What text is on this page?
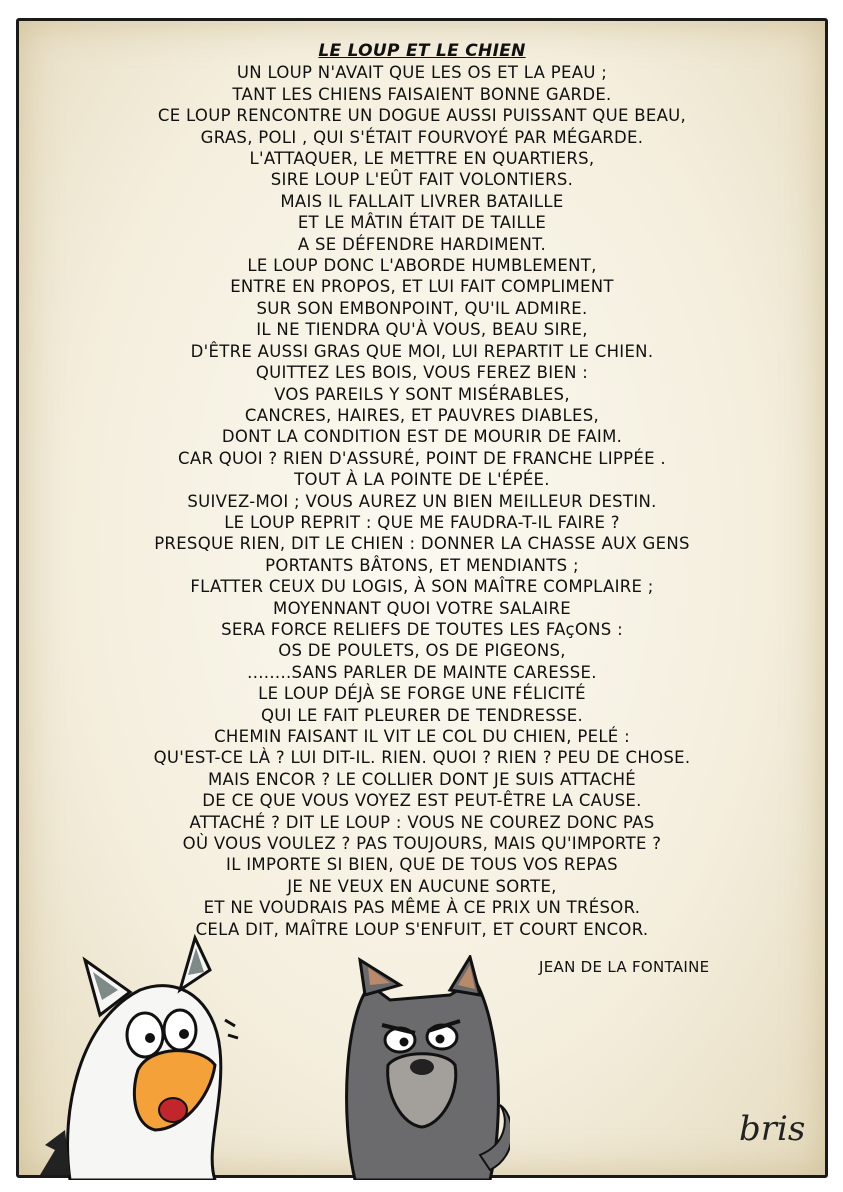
LE LOUP ET LE CHIEN
UN LOUP N'AVAIT QUE LES OS ET LA PEAU ;
TANT LES CHIENS FAISAIENT BONNE GARDE.
CE LOUP RENCONTRE UN DOGUE AUSSI PUISSANT QUE BEAU,
GRAS, POLI , QUI S'ÉTAIT FOURVOYÉ PAR MÉGARDE.
L'ATTAQUER, LE METTRE EN QUARTIERS,
SIRE LOUP L'EÛT FAIT VOLONTIERS.
MAIS IL FALLAIT LIVRER BATAILLE
ET LE MÂTIN ÉTAIT DE TAILLE
A SE DÉFENDRE HARDIMENT.
LE LOUP DONC L'ABORDE HUMBLEMENT,
ENTRE EN PROPOS, ET LUI FAIT COMPLIMENT
SUR SON EMBONPOINT, QU'IL ADMIRE.
IL NE TIENDRA QU'À VOUS, BEAU SIRE,
D'ÊTRE AUSSI GRAS QUE MOI, LUI REPARTIT LE CHIEN.
QUITTEZ LES BOIS, VOUS FEREZ BIEN :
VOS PAREILS Y SONT MISÉRABLES,
CANCRES, HAIRES, ET PAUVRES DIABLES,
DONT LA CONDITION EST DE MOURIR DE FAIM.
CAR QUOI ? RIEN D'ASSURÉ, POINT DE FRANCHE LIPPÉE .
TOUT À LA POINTE DE L'ÉPÉE.
SUIVEZ-MOI ; VOUS AUREZ UN BIEN MEILLEUR DESTIN.
LE LOUP REPRIT : QUE ME FAUDRA-T-IL FAIRE ?
PRESQUE RIEN, DIT LE CHIEN : DONNER LA CHASSE AUX GENS
PORTANTS BÂTONS, ET MENDIANTS ;
FLATTER CEUX DU LOGIS, À SON MAÎTRE COMPLAIRE ;
MOYENNANT QUOI VOTRE SALAIRE
SERA FORCE RELIEFS DE TOUTES LES FAçONS :
OS DE POULETS, OS DE PIGEONS,
........SANS PARLER DE MAINTE CARESSE.
LE LOUP DÉJÀ SE FORGE UNE FÉLICITÉ
QUI LE FAIT PLEURER DE TENDRESSE.
CHEMIN FAISANT IL VIT LE COL DU CHIEN, PELÉ :
QU'EST-CE LÀ ? LUI DIT-IL. RIEN. QUOI ? RIEN ? PEU DE CHOSE.
MAIS ENCOR ? LE COLLIER DONT JE SUIS ATTACHÉ
DE CE QUE VOUS VOYEZ EST PEUT-ÊTRE LA CAUSE.
ATTACHÉ ? DIT LE LOUP : VOUS NE COUREZ DONC PAS
OÙ VOUS VOULEZ ? PAS TOUJOURS, MAIS QU'IMPORTE ?
IL IMPORTE SI BIEN, QUE DE TOUS VOS REPAS
JE NE VEUX EN AUCUNE SORTE,
ET NE VOUDRAIS PAS MÊME À CE PRIX UN TRÉSOR.
CELA DIT, MAÎTRE LOUP S'ENFUIT, ET COURT ENCOR.
JEAN DE LA FONTAINE
bris
